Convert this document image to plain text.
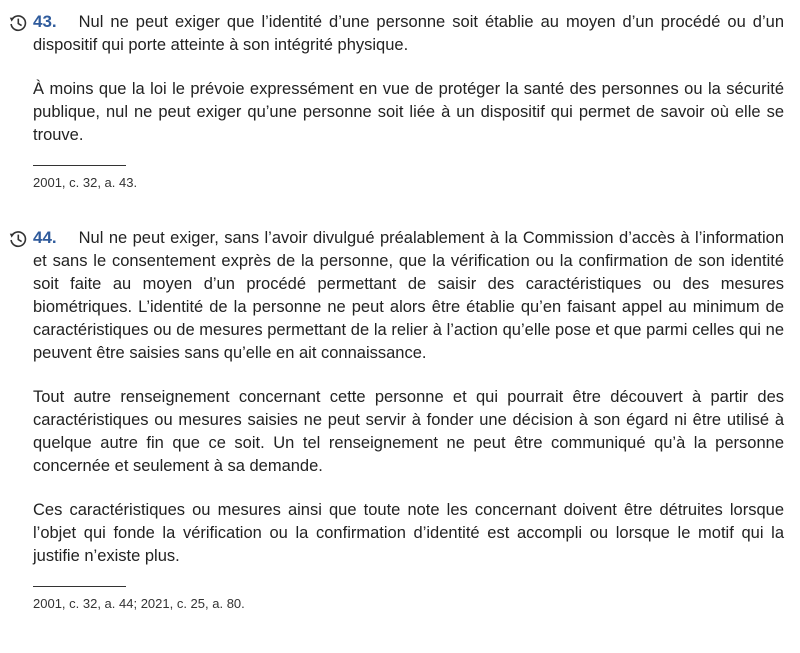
43. Nul ne peut exiger que l’identité d’une personne soit établie au moyen d’un procédé ou d’un dispositif qui porte atteinte à son intégrité physique.

À moins que la loi le prévoie expressément en vue de protéger la santé des personnes ou la sécurité publique, nul ne peut exiger qu’une personne soit liée à un dispositif qui permet de savoir où elle se trouve.

2001, c. 32, a. 43.

44. Nul ne peut exiger, sans l’avoir divulgué préalablement à la Commission d’accès à l’information et sans le consentement exprès de la personne, que la vérification ou la confirmation de son identité soit faite au moyen d’un procédé permettant de saisir des caractéristiques ou des mesures biométriques. L’identité de la personne ne peut alors être établie qu’en faisant appel au minimum de caractéristiques ou de mesures permettant de la relier à l’action qu’elle pose et que parmi celles qui ne peuvent être saisies sans qu’elle en ait connaissance.

Tout autre renseignement concernant cette personne et qui pourrait être découvert à partir des caractéristiques ou mesures saisies ne peut servir à fonder une décision à son égard ni être utilisé à quelque autre fin que ce soit. Un tel renseignement ne peut être communiqué qu’à la personne concernée et seulement à sa demande.

Ces caractéristiques ou mesures ainsi que toute note les concernant doivent être détruites lorsque l’objet qui fonde la vérification ou la confirmation d’identité est accompli ou lorsque le motif qui la justifie n’existe plus.

2001, c. 32, a. 44; 2021, c. 25, a. 80.
